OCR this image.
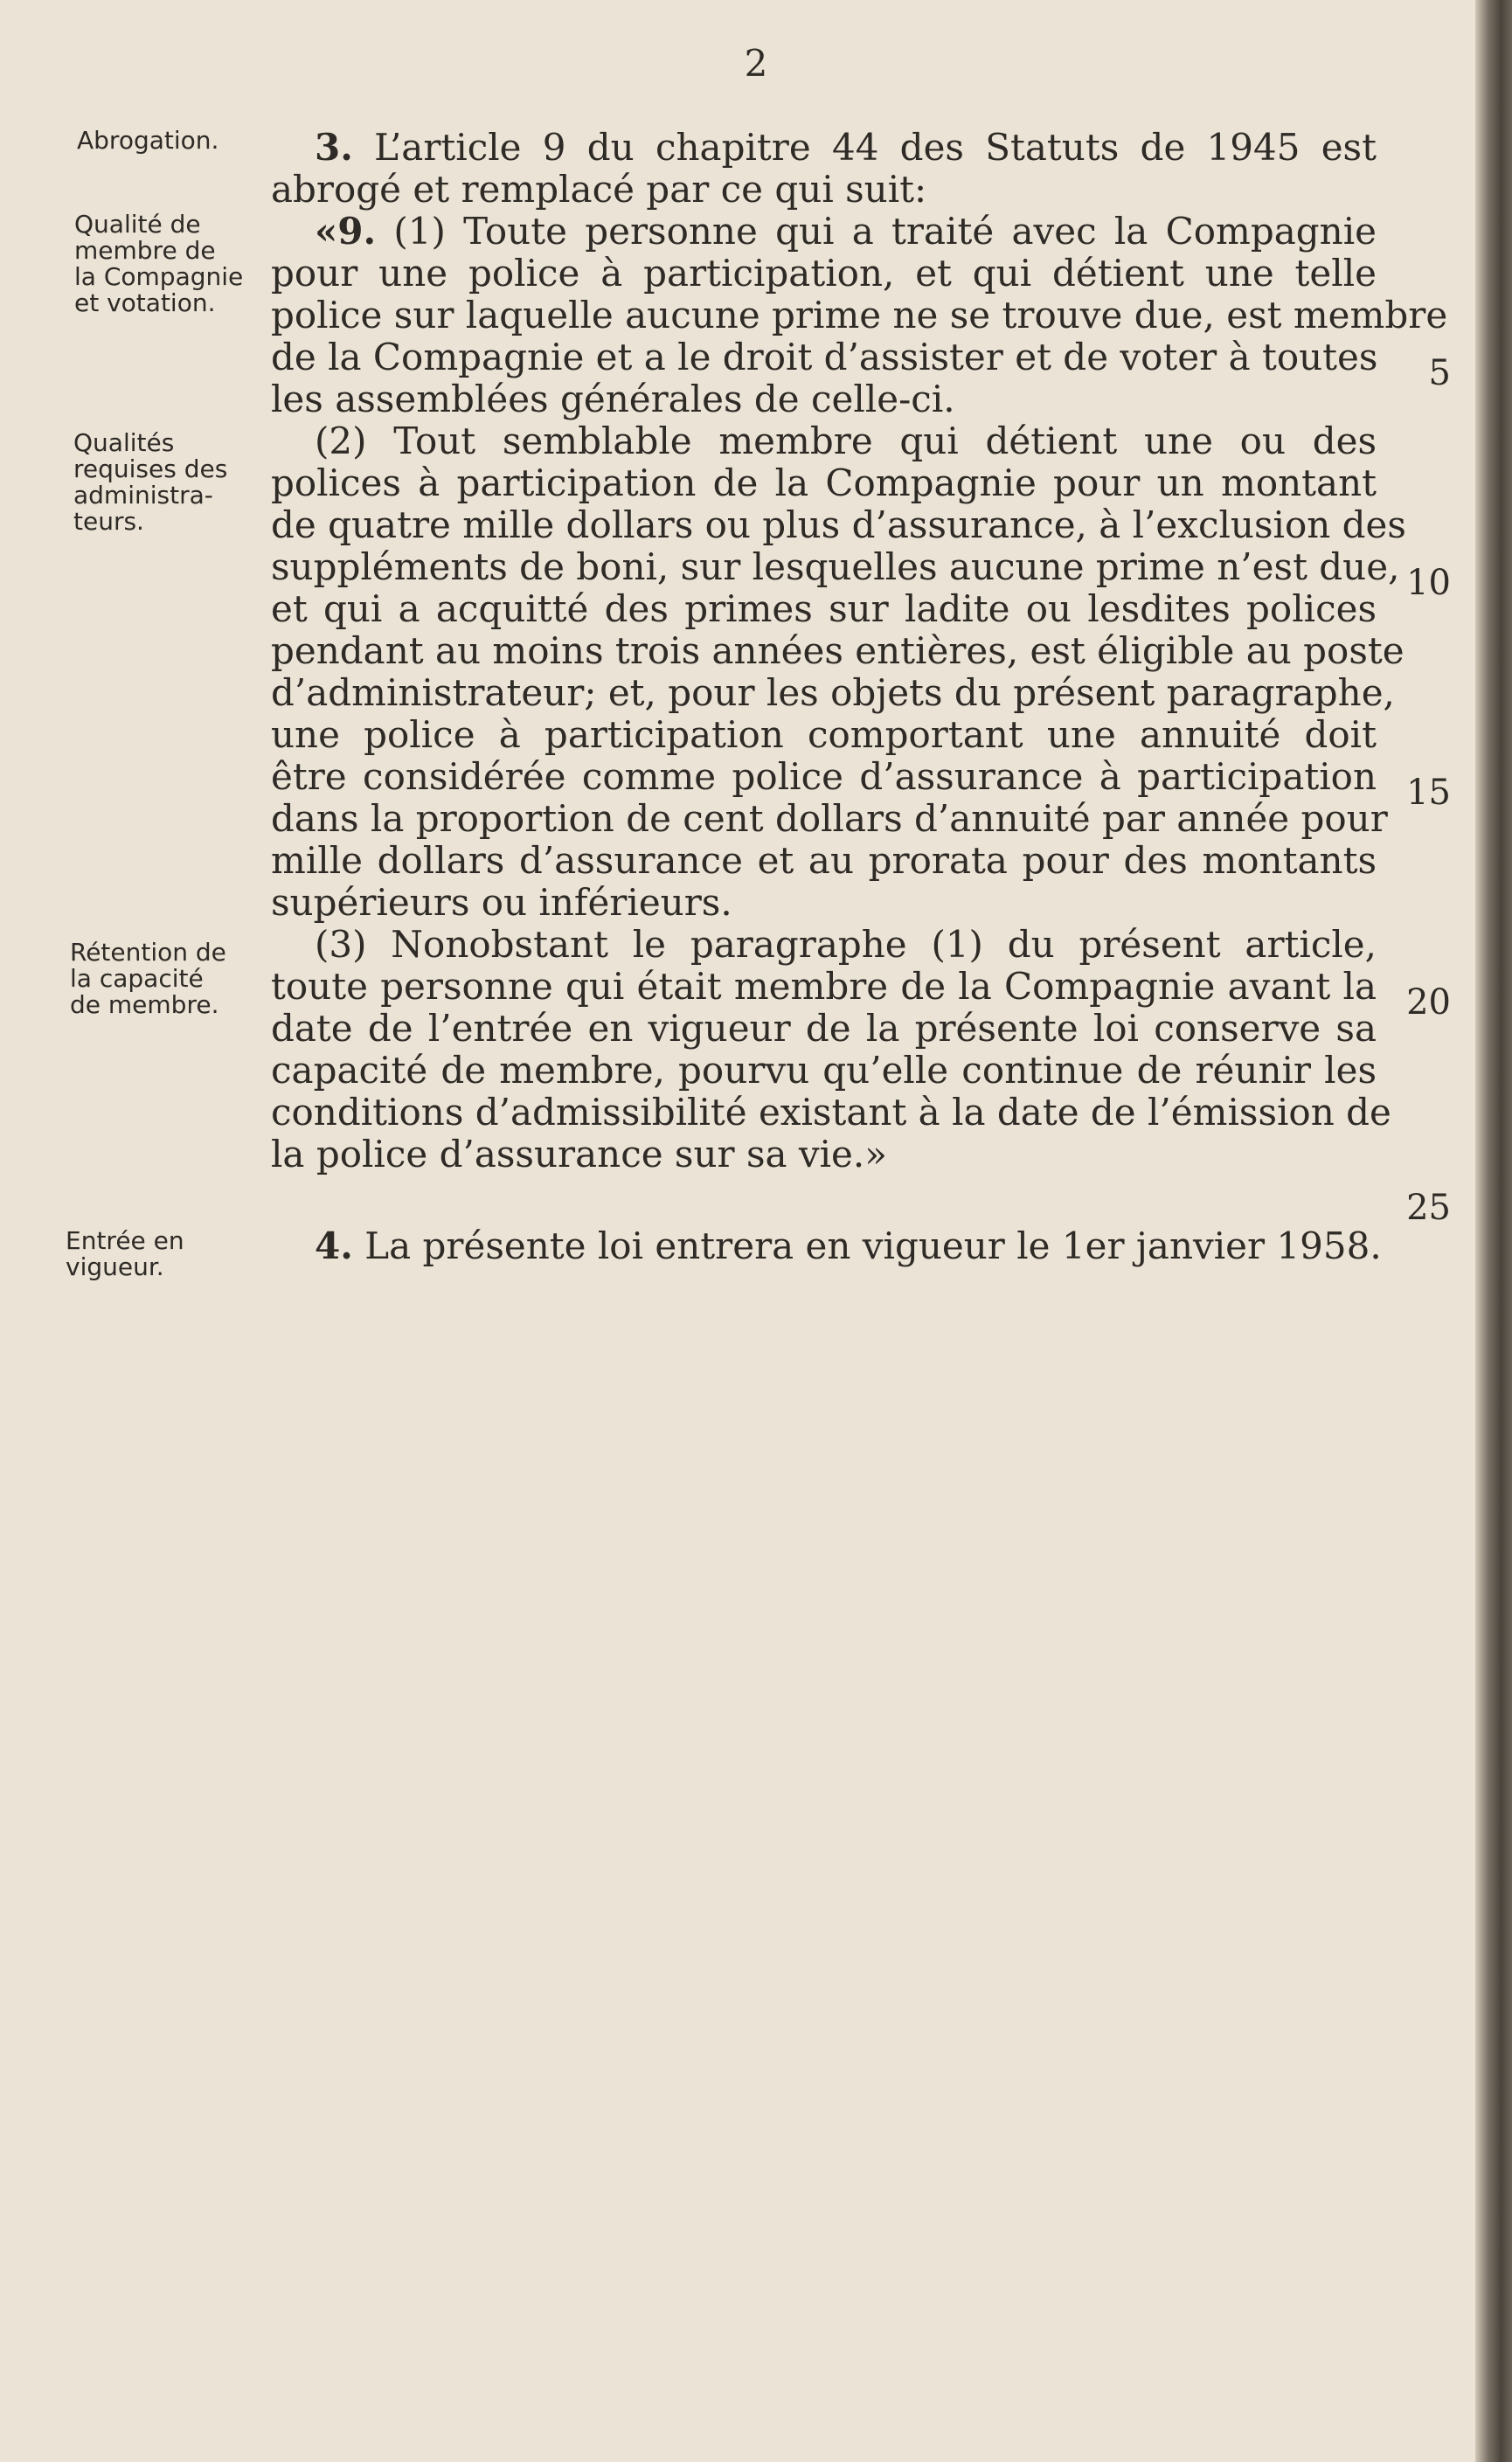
2
Abrogation.
Qualité de
membre de
la Compagnie
et votation.
Qualités
requises des
administra-
teurs.
Rétention de
la capacité
de membre.
Entrée en
vigueur.
3. L’article 9 du chapitre 44 des Statuts de 1945 est
abrogé et remplacé par ce qui suit:
«9. (1) Toute personne qui a traité avec la Compagnie
pour une police à participation, et qui détient une telle
police sur laquelle aucune prime ne se trouve due, est membre
de la Compagnie et a le droit d’assister et de voter à toutes
les assemblées générales de celle-ci.
(2) Tout semblable membre qui détient une ou des
polices à participation de la Compagnie pour un montant
de quatre mille dollars ou plus d’assurance, à l’exclusion des
suppléments de boni, sur lesquelles aucune prime n’est due,
et qui a acquitté des primes sur ladite ou lesdites polices
pendant au moins trois années entières, est éligible au poste
d’administrateur; et, pour les objets du présent paragraphe,
une police à participation comportant une annuité doit
être considérée comme police d’assurance à participation
dans la proportion de cent dollars d’annuité par année pour
mille dollars d’assurance et au prorata pour des montants
supérieurs ou inférieurs.
(3) Nonobstant le paragraphe (1) du présent article,
toute personne qui était membre de la Compagnie avant la
date de l’entrée en vigueur de la présente loi conserve sa
capacité de membre, pourvu qu’elle continue de réunir les
conditions d’admissibilité existant à la date de l’émission de
la police d’assurance sur sa vie.»
4. La présente loi entrera en vigueur le 1er janvier 1958.
5
10
15
20
25
